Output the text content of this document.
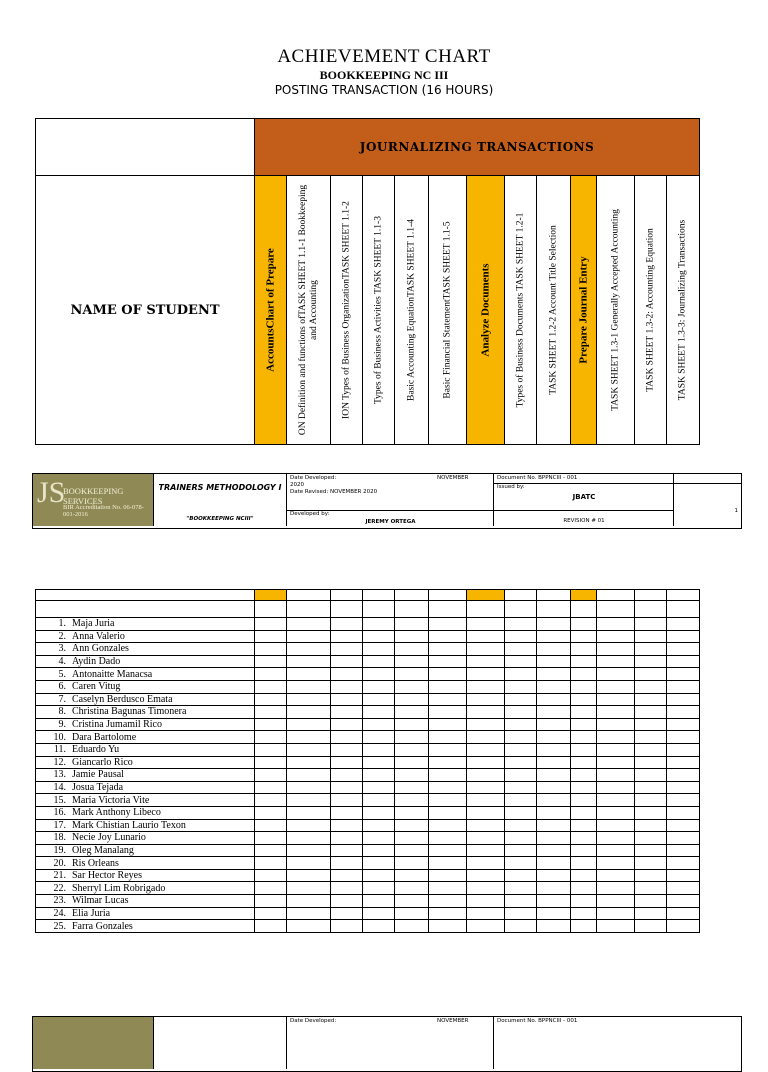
ACHIEVEMENT CHART
BOOKKEEPING NC III
POSTING TRANSACTION (16 HOURS)
	JOURNALIZING TRANSACTIONS												
NAME OF STUDENT	AccountsChart of Prepare	ON Definition and functions ofTASK SHEET 1.1-1 Bookkeeping and Accounting	ION Types of Business OrganizationTASK SHEET 1.1-2	Types of Business Activities TASK SHEET 1.1-3	Basic Accounting EquationTASK SHEET 1.1-4	Basic Financial StatementTASK SHEET 1.1-5	Analyze Documents	Types of Business Documents TASK SHEET 1.2-1	TASK SHEET 1.2-2 Account Title Selection	Prepare Journal Entry	TASK SHEET 1.3-1 Generally Accepted Accounting	TASK SHEET 1.3-2: Accounting Equation	TASK SHEET 1.3-3: Journalizing Transactions
JS
BOOKKEEPING SERVICES
BIR Accreditation No. 06-078-001-2016
TRAINERS METHODOLOGY I
"BOOKKEEPING NCIII"
Date Developed:	NOVEMBER

2020
Date Revised: NOVEMBER 2020
Developed by:
JEREMY ORTEGA
Document No. BPPNCIII - 001
Issued by:
JBATC
REVISION # 01
1

1. Maja Juria													
2. Anna Valerio													
3. Ann Gonzales													
4. Aydin Dado													
5. Antonaitte Manacsa													
6. Caren Vitug													
7. Caselyn Berdusco Emata													
8. Christina Bagunas Timonera													
9. Cristina Jumamil Rico													
10. Dara Bartolome													
11. Eduardo Yu													
12. Giancarlo Rico													
13. Jamie Pausal													
14. Josua Tejada													
15. Maria Victoria Vite													
16. Mark Anthony Libeco													
17. Mark Chistian Laurio Texon													
18. Necie Joy Lunario													
19. Oleg Manalang													
20. Ris Orleans													
21. Sar Hector Reyes													
22. Sherryl Lim Robrigado													
23. Wilmar Lucas													
24. Elia Juria													
25. Farra Gonzales													
Date Developed:	NOVEMBER	Document No. BPPNCIII - 001
